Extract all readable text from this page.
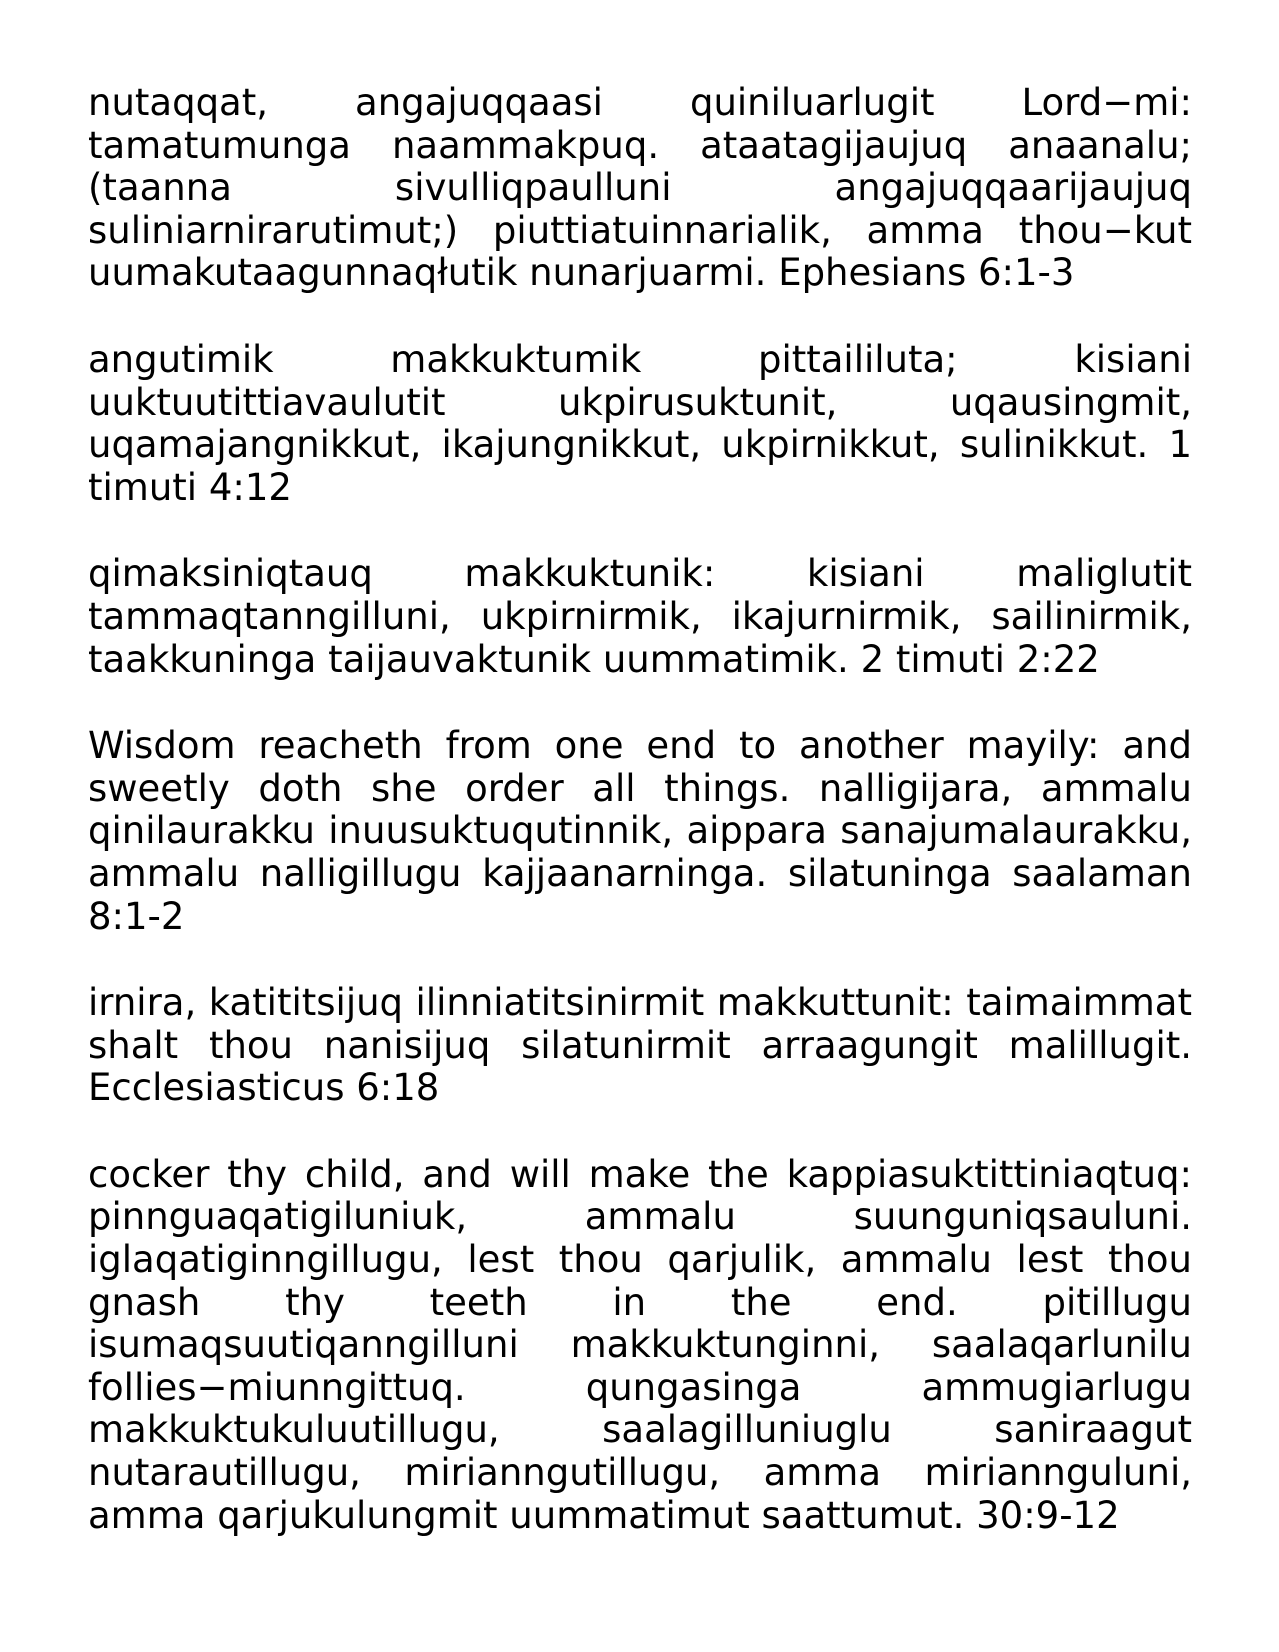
nutaqqat, angajuqqaasi quiniluarlugit Lord−mi: tamatumunga naammakpuq. ataatagijaujuq anaanalu; (taanna sivulliqpaulluni angajuqqaarijaujuq suliniarnirarutimut;) piuttiatuinnarialik, amma thou−kut uumakutaagunnaqłutik nunarjuarmi. Ephesians 6:1-3

angutimik makkuktumik pittaililuta; kisiani uuktuutittiavaulutit ukpirusuktunit, uqausingmit, uqamajangnikkut, ikajungnikkut, ukpirnikkut, sulinikkut. 1 timuti 4:12

qimaksiniqtauq makkuktunik: kisiani maliglutit tammaqtanngilluni, ukpirnirmik, ikajurnirmik, sailinirmik, taakkuninga taijauvaktunik uummatimik. 2 timuti 2:22

Wisdom reacheth from one end to another mayily: and sweetly doth she order all things. nalligijara, ammalu qinilaurakku inuusuktuqutinnik, aippara sanajumalaurakku, ammalu nalligillugu kajjaanarninga. silatuninga saalaman 8:1-2

irnira, katititsijuq ilinniatitsinirmit makkuttunit: taimaimmat shalt thou nanisijuq silatunirmit arraagungit malillugit. Ecclesiasticus 6:18

cocker thy child, and will make the kappiasuktittiniaqtuq: pinnguaqatigiluniuk, ammalu suunguniqsauluni. iglaqatiginngillugu, lest thou qarjulik, ammalu lest thou gnash thy teeth in the end. pitillugu isumaqsuutiqanngilluni makkuktunginni, saalaqarlunilu follies−miunngittuq. qungasinga ammugiarlugu makkuktukuluutillugu, saalagilluniuglu saniraagut nutarautillugu, mirianngutillugu, amma mirianngulunі, amma qarjukulungmit uummatimut saattumut. 30:9-12
